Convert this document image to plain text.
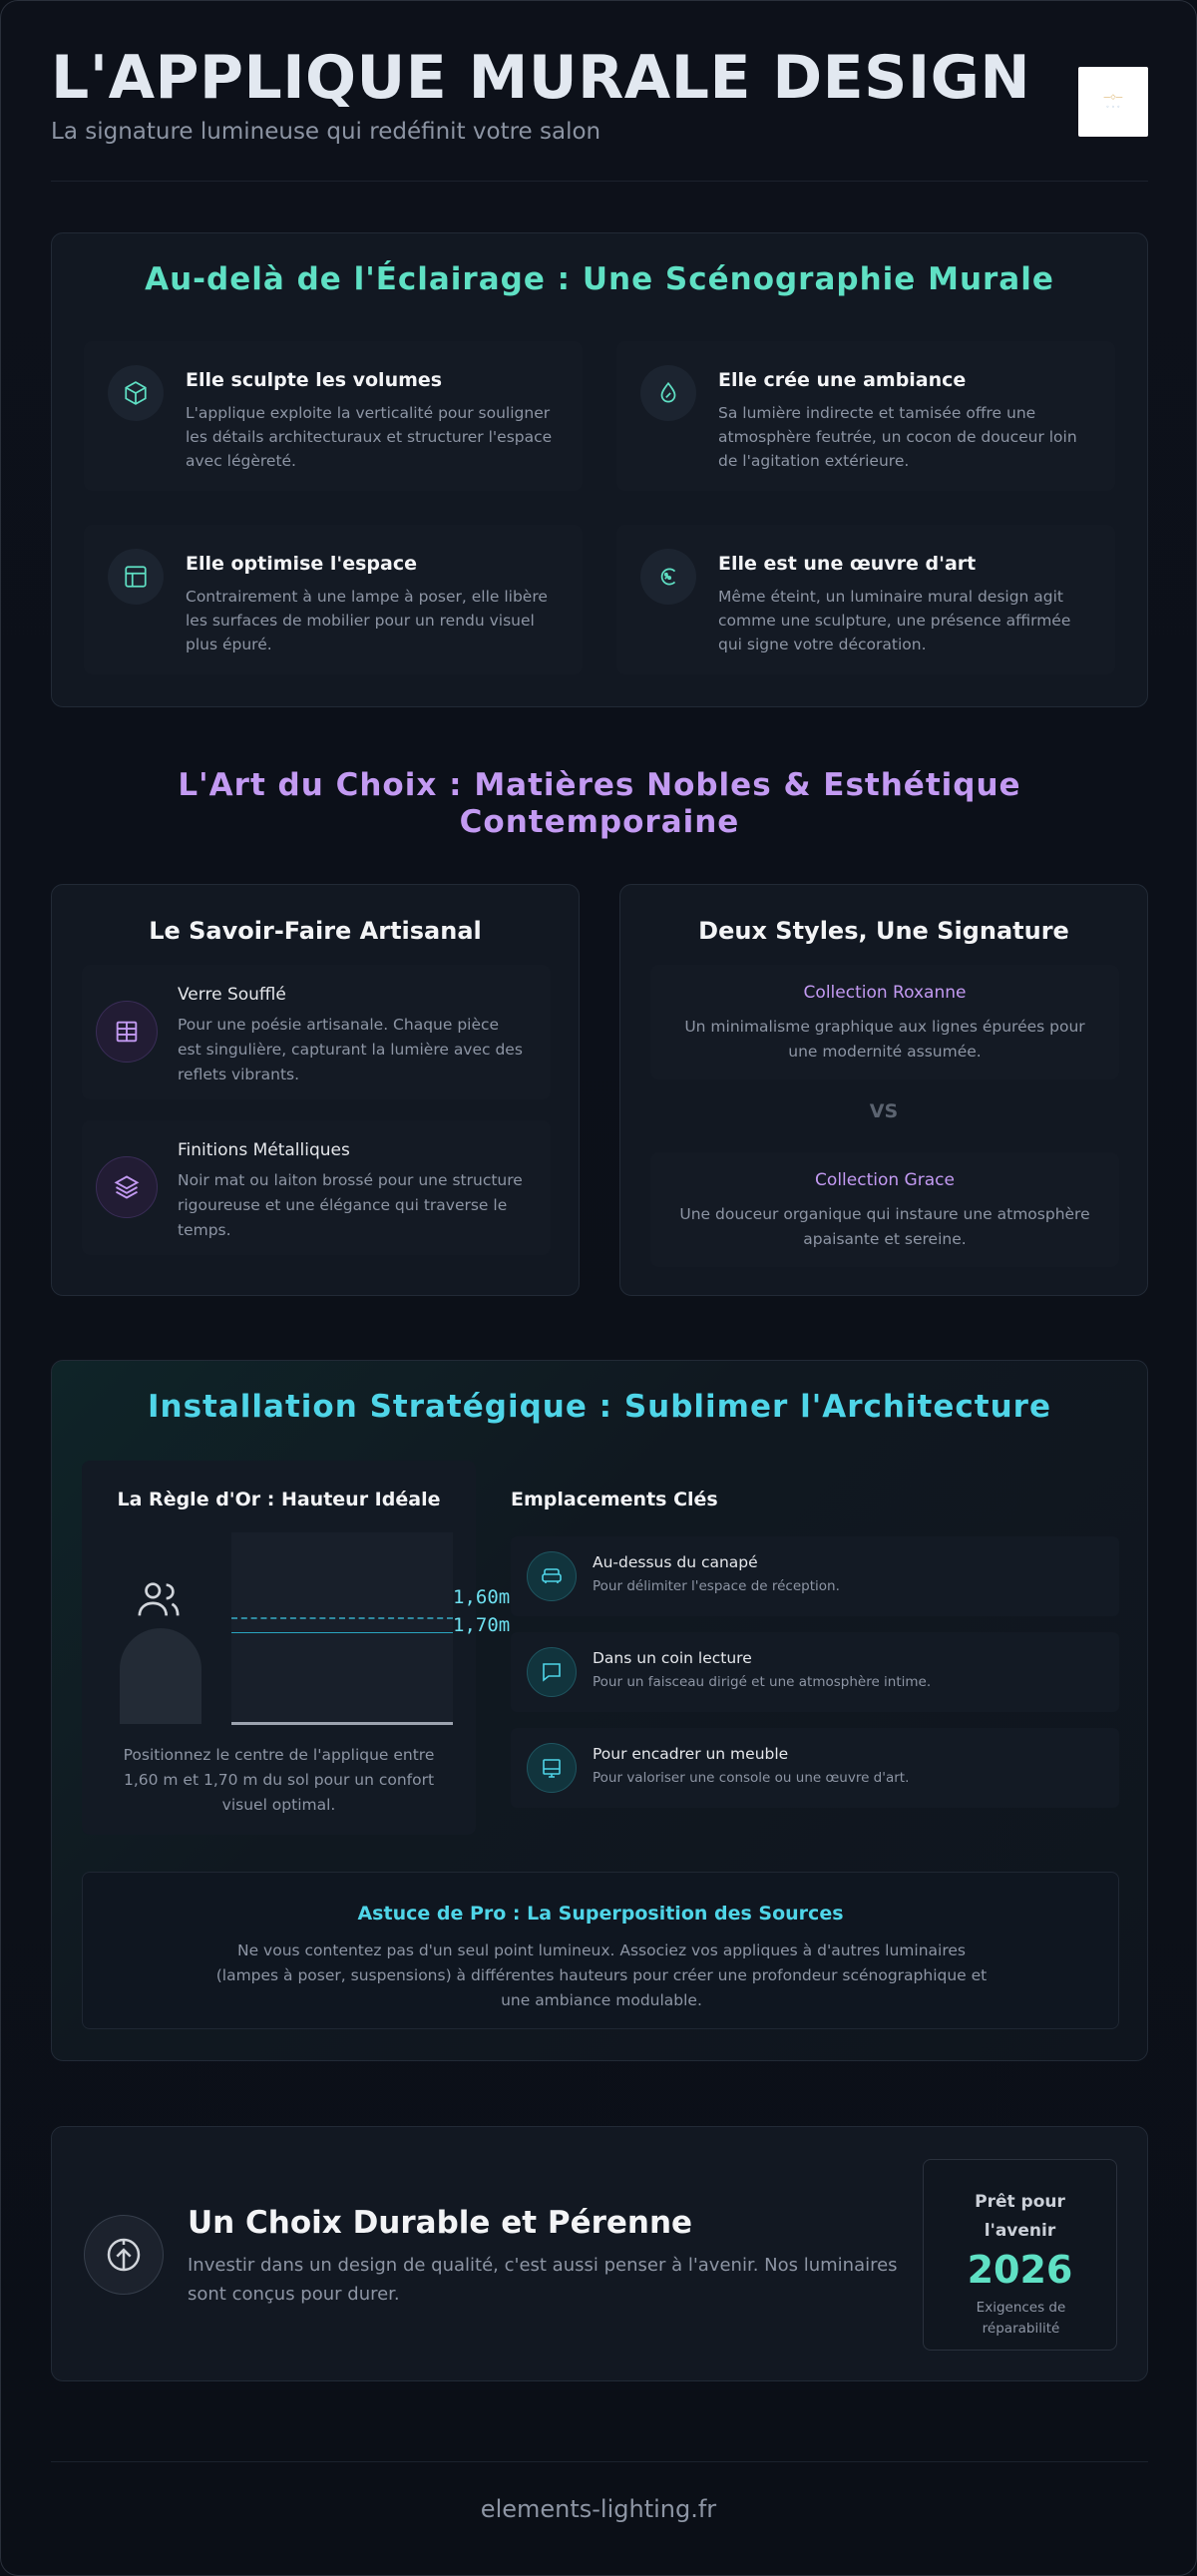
L'APPLIQUE MURALE DESIGN
La signature lumineuse qui redéfinit votre salon
—◇—
◦ ◦ ◦
Au-delà de l'Éclairage : Une Scénographie Murale
Elle sculpte les volumes

L'applique exploite la verticalité pour souligner les détails architecturaux et structurer l'espace avec légèreté.

Elle crée une ambiance

Sa lumière indirecte et tamisée offre une atmosphère feutrée, un cocon de douceur loin de l'agitation extérieure.

Elle optimise l'espace

Contrairement à une lampe à poser, elle libère les surfaces de mobilier pour un rendu visuel plus épuré.

Elle est une œuvre d'art

Même éteint, un luminaire mural design agit comme une sculpture, une présence affirmée qui signe votre décoration.

L'Art du Choix : Matières Nobles & Esthétique
Contemporaine
Le Savoir-Faire Artisanal
Verre Soufflé

Pour une poésie artisanale. Chaque pièce est singulière, capturant la lumière avec des reflets vibrants.

Finitions Métalliques

Noir mat ou laiton brossé pour une structure rigoureuse et une élégance qui traverse le temps.

Deux Styles, Une Signature
Collection Roxanne

Un minimalisme graphique aux lignes épurées pour une modernité assumée.

VS
Collection Grace

Une douceur organique qui instaure une atmosphère apaisante et sereine.

Installation Stratégique : Sublimer l'Architecture
La Règle d'Or : Hauteur Idéale
1,60m
1,70m
Positionnez le centre de l'applique entre 1,60 m et 1,70 m du sol pour un confort visuel optimal.
Emplacements Clés
Au-dessus du canapé

Pour délimiter l'espace de réception.

Dans un coin lecture

Pour un faisceau dirigé et une atmosphère intime.

Pour encadrer un meuble

Pour valoriser une console ou une œuvre d'art.

Astuce de Pro : La Superposition des Sources

Ne vous contentez pas d'un seul point lumineux. Associez vos appliques à d'autres luminaires (lampes à poser, suspensions) à différentes hauteurs pour créer une profondeur scénographique et une ambiance modulable.

Un Choix Durable et Pérenne
Investir dans un design de qualité, c'est aussi penser à l'avenir. Nos luminaires sont conçus pour durer.
Prêt pour
l'avenir
2026
Exigences de réparabilité
elements-lighting.fr
